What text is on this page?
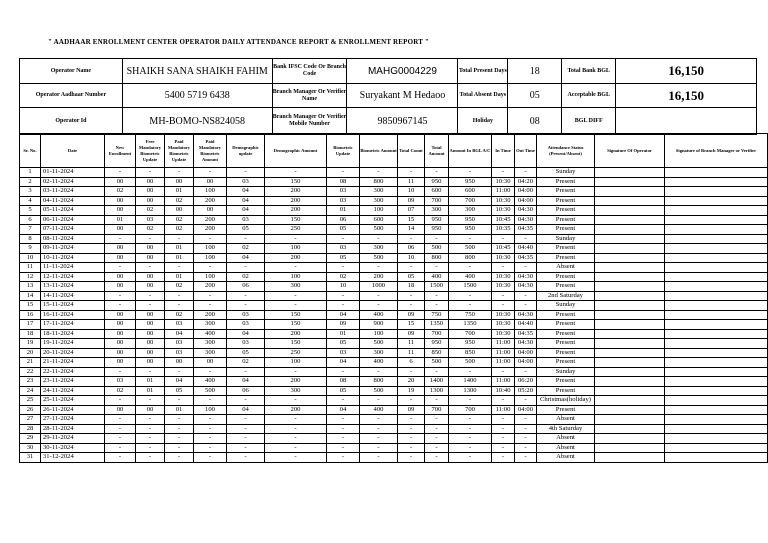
" AADHAAR ENROLLMENT CENTER OPERATOR DAILY ATTENDANCE REPORT & ENROLLMENT REPORT "
Operator Name	SHAIKH SANA SHAIKH FAHIM	Bank IFSC Code Or Branch Code	MAHG0004229	Total Present Days	18	Total Bank BGL	16,150
Operator Aadhaar Number	5400 5719 6438	Branch Manager Or Verifier Name	Suryakant M Hedaoo	Total Absent Days	05	Acceptable BGL	16,150
Operator Id	MH-BOMO-NS824058	Branch Manager Or Verifier Mobile Number	9850967145	Holiday	08	BGL DIFF	
Sr. No.	Date	New Enrollment	Free Mandatory Biometric Update	Paid Mandatory Biometric Update	Paid Mandatory Biometric Amount	Demographic update	Demographic Amount	Biometric Update	Biometric Amount	Total Count	Total Amount	Amount In BGL A/C	In Time	Out Time	Attendance Status (Present/Absent)	Signature Of Operator	Signature of Branch Manager or Verifier
1	01-11-2024	-	-	-	-	-	-	-	-	-	-	-	-	-	Sunday		
2	02-11-2024	00	00	00	00	03	150	08	800	11	950	950	10:30	04:20	Present		
3	03-11-2024	02	00	01	100	04	200	03	300	10	600	600	11:00	04:00	Present		
4	04-11-2024	00	00	02	200	04	200	03	300	09	700	700	10:30	04:00	Present		
5	05-11-2024	00	02	00	00	04	200	01	100	07	300	300	10:30	04:30	Present		
6	06-11-2024	01	03	02	200	03	150	06	600	15	950	950	10:45	04:30	Present		
7	07-11-2024	00	02	02	200	05	250	05	500	14	950	950	10:35	04:35	Present		
8	08-11-2024	-	-	-	-	-	-	-	-	-	-	-	-	-	Sunday		
9	09-11-2024	00	00	01	100	02	100	03	300	06	500	500	10:45	04:40	Present		
10	10-11-2024	00	00	01	100	04	200	05	500	10	800	800	10:30	04:35	Present		
11	11-11-2024	-	-	-	-	-	-	-	-	-	-	-	-	-	Absent		
12	12-11-2024	00	00	01	100	02	100	02	200	05	400	400	10:30	04:30	Present		
13	13-11-2024	00	00	02	200	06	300	10	1000	18	1500	1500	10:30	04:30	Present		
14	14-11-2024	-	-	-	-	-	-	-	-	-	-	-	-	-	2nd Saturday		
15	15-11-2024	-	-	-	-	-	-	-	-	-	-	-	-	-	Sunday		
16	16-11-2024	00	00	02	200	03	150	04	400	09	750	750	10:30	04:30	Present		
17	17-11-2024	00	00	03	300	03	150	09	900	15	1350	1350	10:30	04:40	Present		
18	18-11-2024	00	00	04	400	04	200	01	100	09	700	700	10:30	04:35	Present		
19	19-11-2024	00	00	03	300	03	150	05	500	11	950	950	11:00	04:30	Present		
20	20-11-2024	00	00	03	300	05	250	03	300	11	850	850	11:00	04:00	Present		
21	21-11-2024	00	00	00	00	02	100	04	400	6	500	500	11:00	04:00	Present		
22	22-11-2024	-	-	-	-	-	-	-	-	-	-	-	-	-	Sunday		
23	23-11-2024	03	01	04	400	04	200	08	800	20	1400	1400	11:00	06:20	Present		
24	24-11-2024	02	01	05	500	06	300	05	500	19	1300	1300	10:40	05:20	Present		
25	25-11-2024	-	-	-	-	-	-	-	-	-	-	-	-	-	Christmas(holiday)		
26	26-11-2024	00	00	01	100	04	200	04	400	09	700	700	11:00	04:00	Present		
27	27-11-2024	-	-	-	-	-	-	-	-	-	-	-	-	-	Absent		
28	28-11-2024	-	-	-	-	-	-	-	-	-	-	-	-	-	4th Saturday		
29	29-11-2024	-	-	-	-	-	-	-	-	-	-	-	-	-	Absent		
30	30-11-2024	-	-	-	-	-	-	-	-	-	-	-	-	-	Absent		
31	31-12-2024	-	-	-	-	-	-	-	-	-	-	-	-	-	Absent		
